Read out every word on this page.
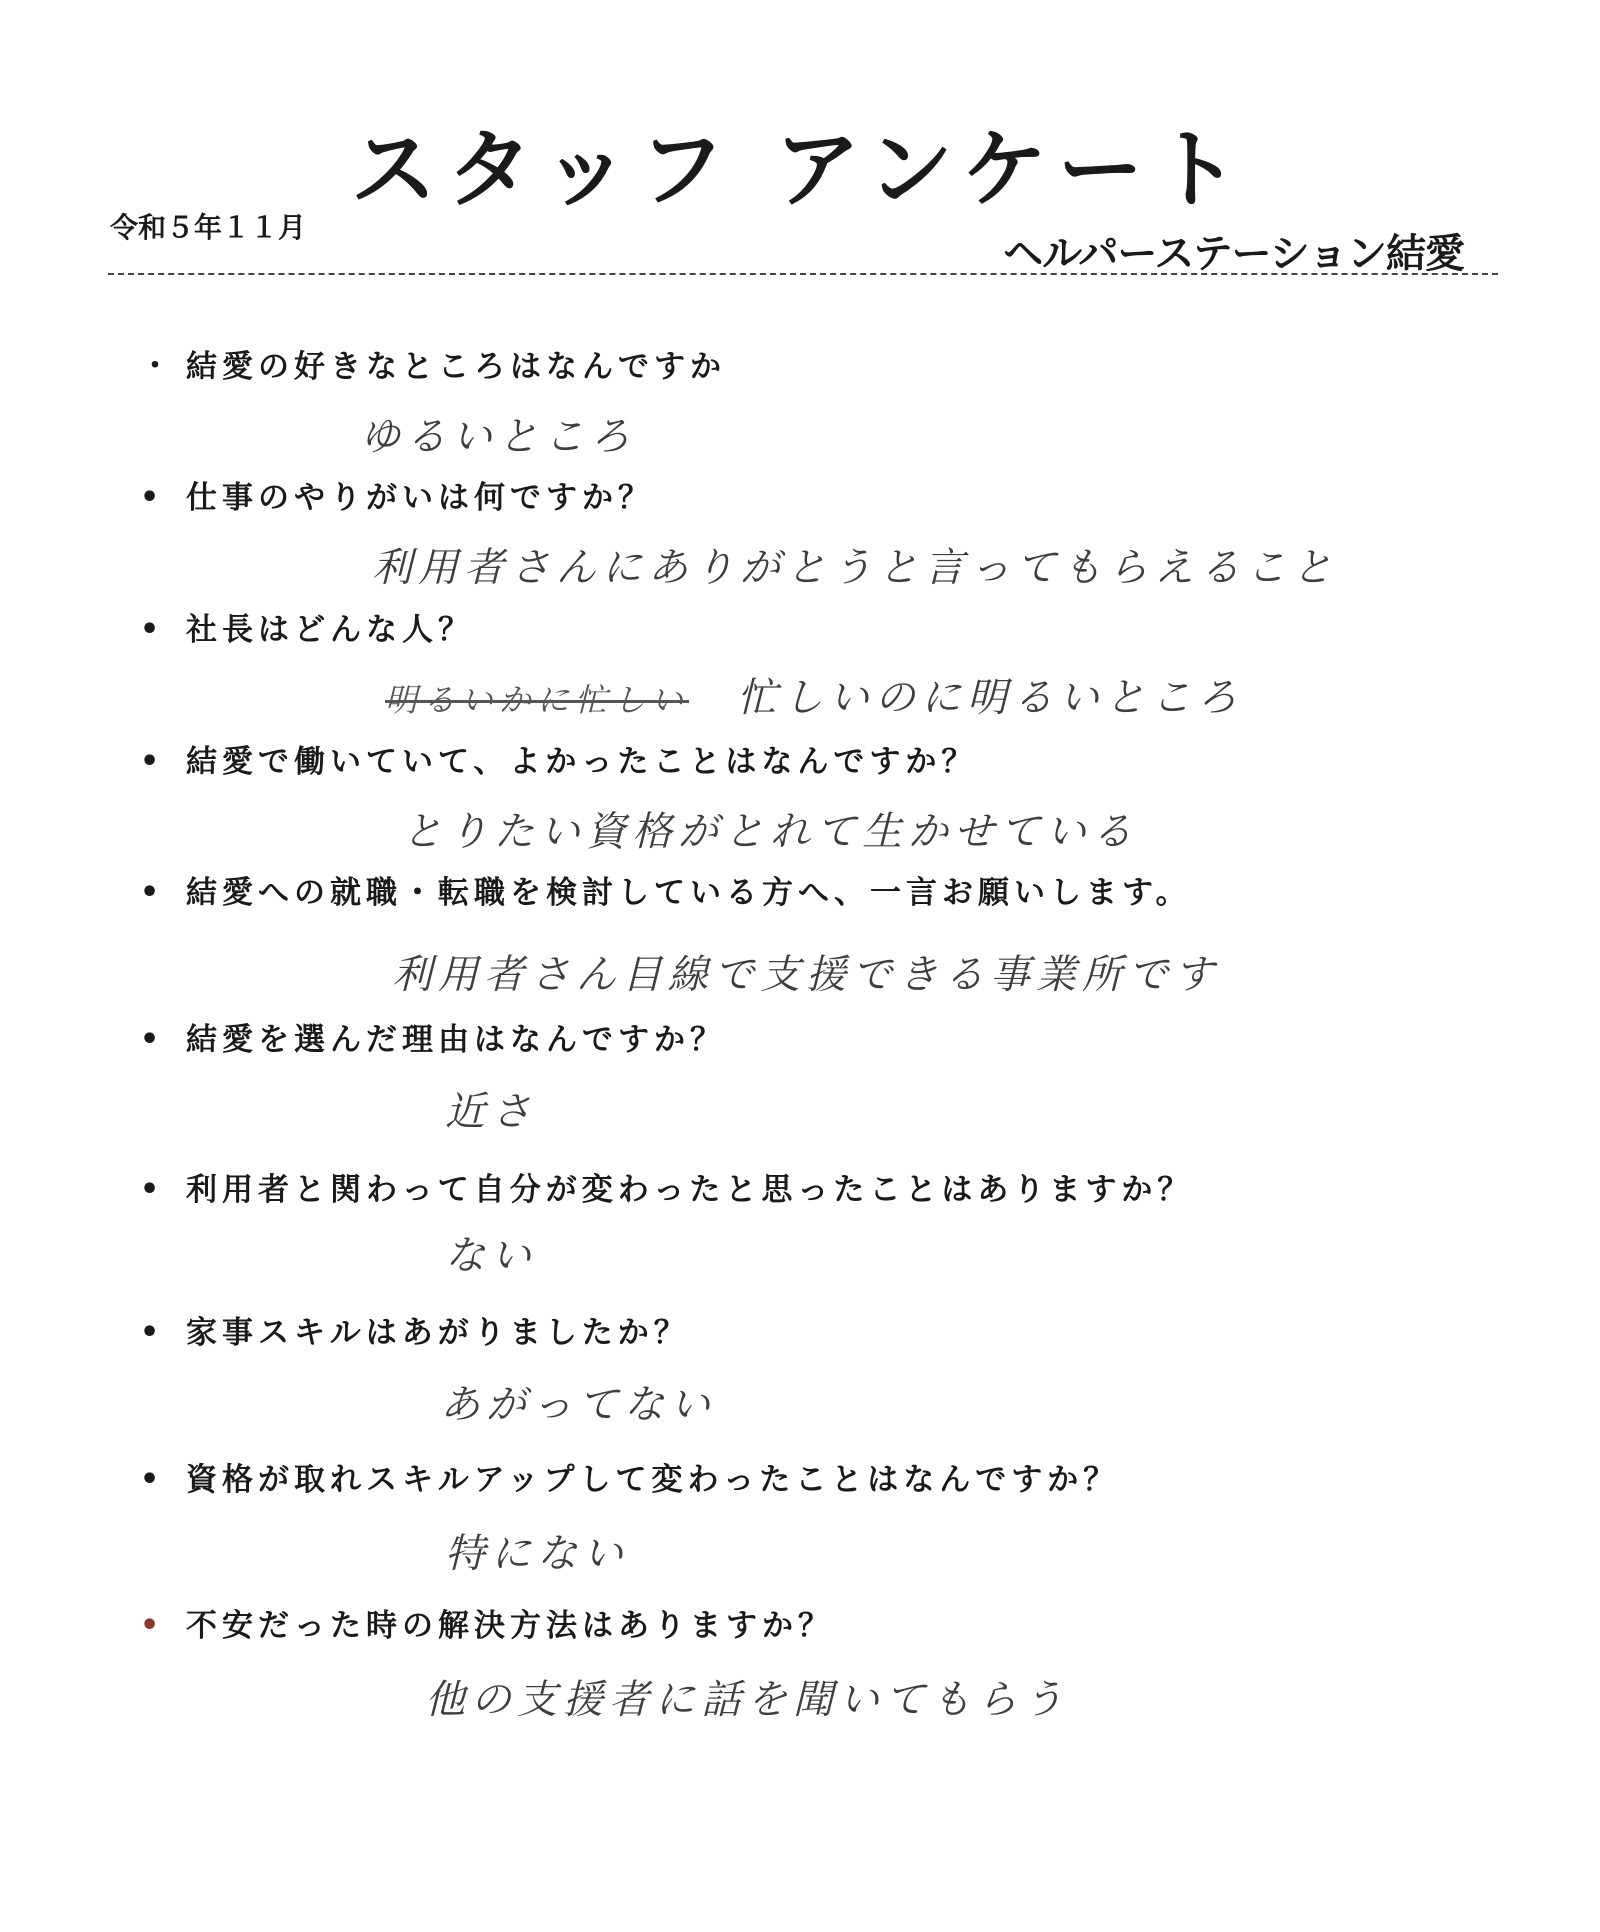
スタッフ アンケート
令和５年１１月
ヘルパーステーション結愛
・ 結愛の好きなところはなんですか
ゆるいところ
• 仕事のやりがいは何ですか？
利用者さんにありがとうと言ってもらえること
• 社長はどんな人？
明るいかに忙しい 忙しいのに明るいところ
• 結愛で働いていて、よかったことはなんですか？
とりたい資格がとれて生かせている
• 結愛への就職・転職を検討している方へ、一言お願いします。
利用者さん目線で支援できる事業所です
• 結愛を選んだ理由はなんですか？
近さ
• 利用者と関わって自分が変わったと思ったことはありますか？
ない
• 家事スキルはあがりましたか？
あがってない
• 資格が取れスキルアップして変わったことはなんですか？
特にない
• 不安だった時の解決方法はありますか？
他の支援者に話を聞いてもらう
